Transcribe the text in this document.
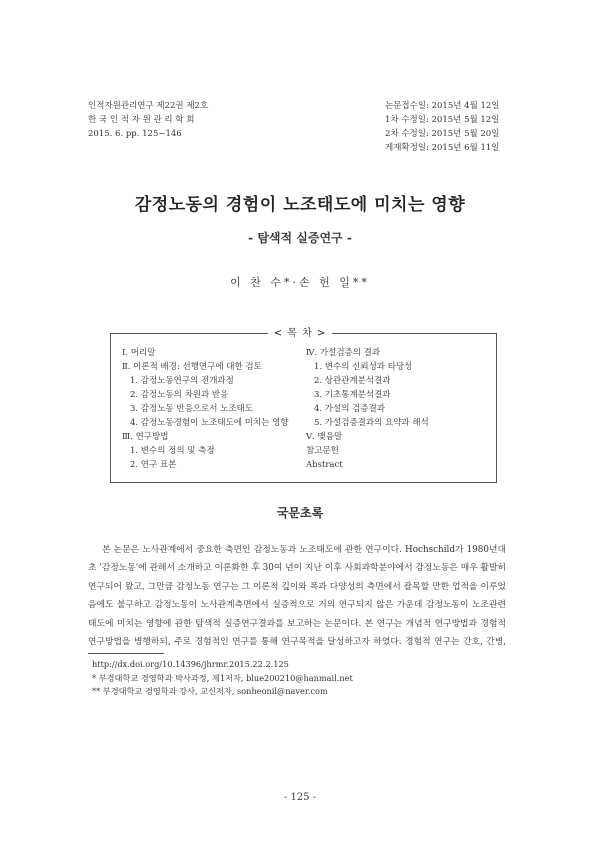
인적자원관리연구 제22권 제2호
한 국 인 적 자 원 관 리 학 회
2015. 6. pp. 125~146
논문접수일: 2015년 4월 12일
1차 수정일: 2015년 5월 12일
2차 수정일: 2015년 5월 20일
게재확정일: 2015년 6월 11일
감정노동의 경험이 노조태도에 미치는 영향
- 탐색적 실증연구 -
이 찬 수*·손 헌 일**
< 목 차 >
Ⅰ. 머리말
Ⅱ. 이론적 배경: 선행연구에 대한 검토
1. 감정노동연구의 전개과정
2. 감정노동의 차원과 반응
3. 감정노동 반응으로서 노조태도
4. 감정노동경험이 노조태도에 미치는 영향
Ⅲ. 연구방법
1. 변수의 정의 및 측정
2. 연구 표본
Ⅳ. 가설검증의 결과
1. 변수의 신뢰성과 타당성
2. 상관관계분석결과
3. 기초통계분석결과
4. 가설의 검증결과
5. 가설검증결과의 요약과 해석
Ⅴ. 맺음말
참고문헌
Abstract
국문초록
본 논문은 노사관계에서 중요한 측면인 감정노동과 노조태도에 관한 연구이다. Hochschild가 1980년대 초 '감정노동'에 관해서 소개하고 이론화한 후 30여 년이 지난 이후 사회과학분야에서 감정노동은 매우 활발히 연구되어 왔고, 그만큼 감정노동 연구는 그 이론적 깊이와 폭과 다양성의 측면에서 괄목할 만한 업적을 이루었음에도 불구하고 감정노동이 노사관계측면에서 실증적으로 거의 연구되지 않은 가운데 감정노동이 노조관련 태도에 미치는 영향에 관한 탐색적 실증연구결과를 보고하는 논문이다. 본 연구는 개념적 연구방법과 경험적 연구방법을 병행하되, 주로 경험적인 연구를 통해 연구목적을 달성하고자 하였다. 경험적 연구는 간호, 간병,
http://dx.doi.org/10.14396/jhrmr.2015.22.2.125
* 부경대학교 경영학과 박사과정, 제1저자, blue200210@hanmail.net
** 부경대학교 경영학과 강사, 교신저자, sonheonil@naver.com
- 125 -
